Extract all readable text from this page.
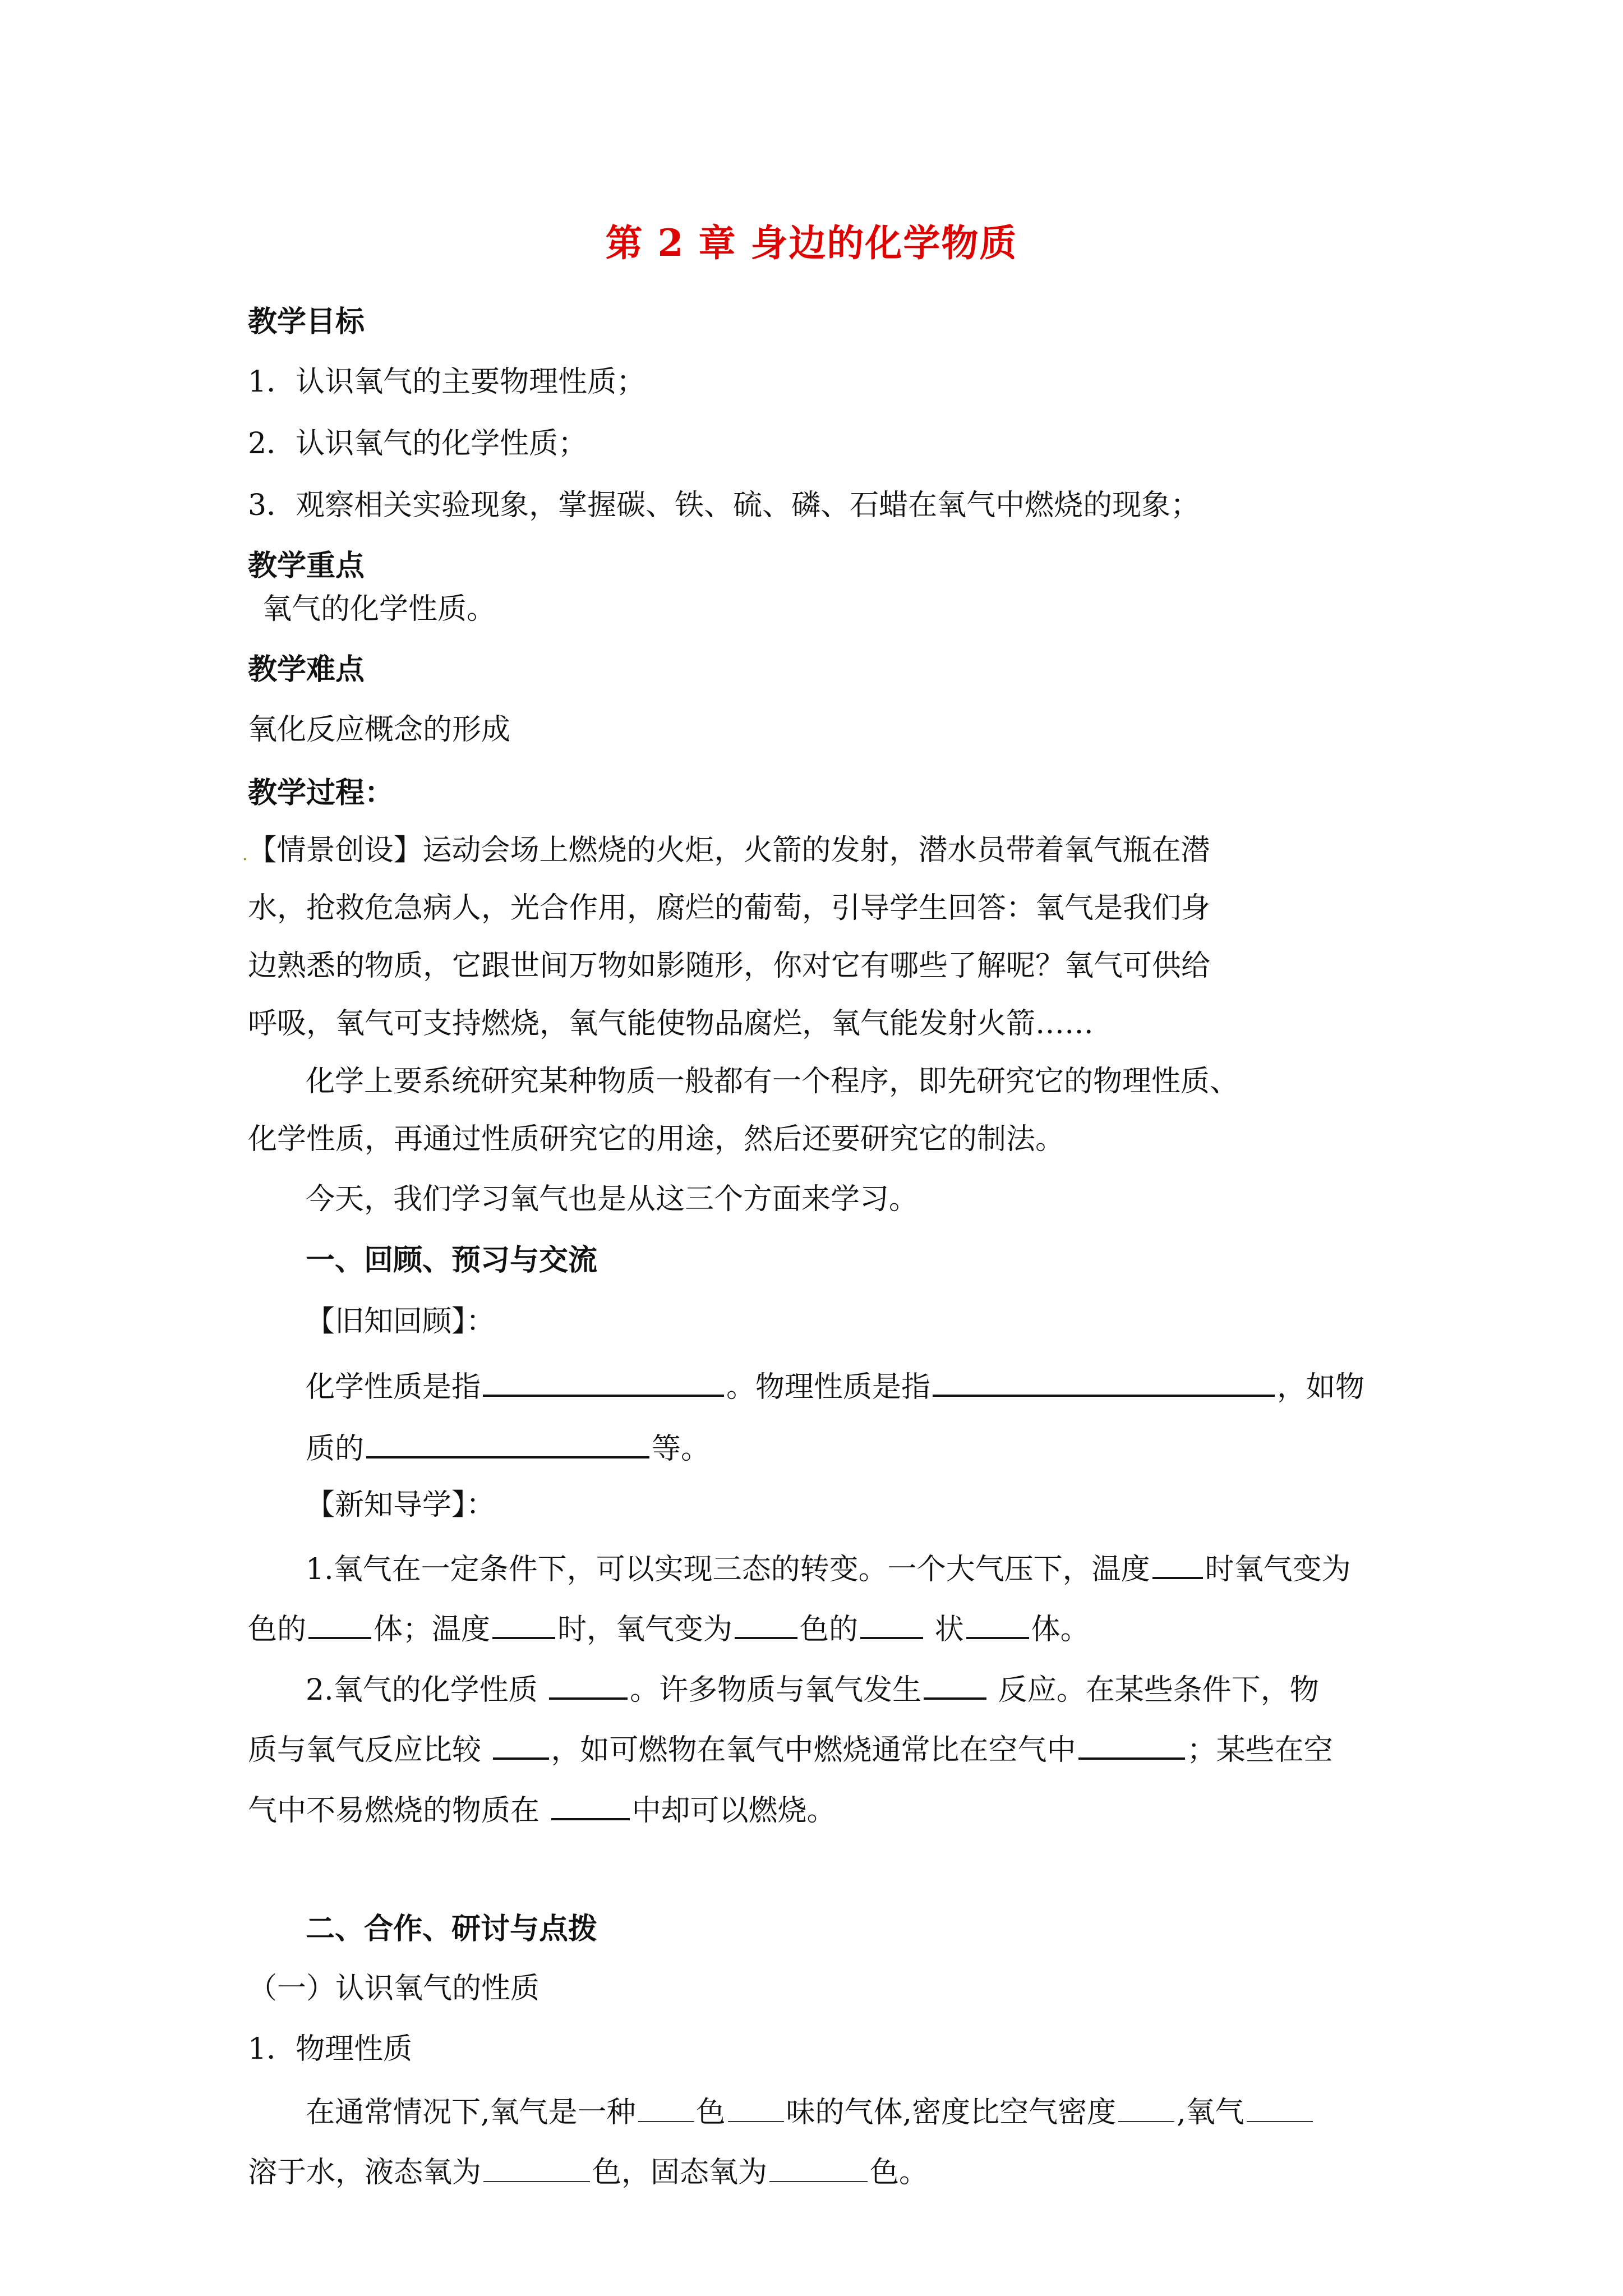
第 2 章 身边的化学物质
教学目标
1．认识氧气的主要物理性质；
2．认识氧气的化学性质；
3．观察相关实验现象，掌握碳、铁、硫、磷、石蜡在氧气中燃烧的现象；
教学重点
氧气的化学性质。
教学难点
氧化反应概念的形成
教学过程：
.【情景创设】运动会场上燃烧的火炬，火箭的发射，潜水员带着氧气瓶在潜
水，抢救危急病人，光合作用，腐烂的葡萄，引导学生回答：氧气是我们身
边熟悉的物质，它跟世间万物如影随形，你对它有哪些了解呢？氧气可供给
呼吸，氧气可支持燃烧，氧气能使物品腐烂，氧气能发射火箭……
化学上要系统研究某种物质一般都有一个程序，即先研究它的物理性质、
化学性质，再通过性质研究它的用途，然后还要研究它的制法。
今天，我们学习氧气也是从这三个方面来学习。
一、回顾、预习与交流
【旧知回顾】：
化学性质是指	。物理性质是指	，如物
质的	等。
【新知导学】：
1.氧气在一定条件下，可以实现三态的转变。一个大气压下，温度 时氧气变为
色的 体；温度 时，氧气变为 色的 状 体。
2.氧气的化学性质	。许多物质与氧气发生 反应。在某些条件下，物
质与氧气反应比较 ，如可燃物在氧气中燃烧通常比在空气中	；某些在空
气中不易燃烧的物质在	中却可以燃烧。
二、合作、研讨与点拨
（一）认识氧气的性质
1．物理性质
在通常情况下,氧气是一种 色 味的气体,密度比空气密度 ,氧气
溶于水，液态氧为	色，固态氧为	色。
